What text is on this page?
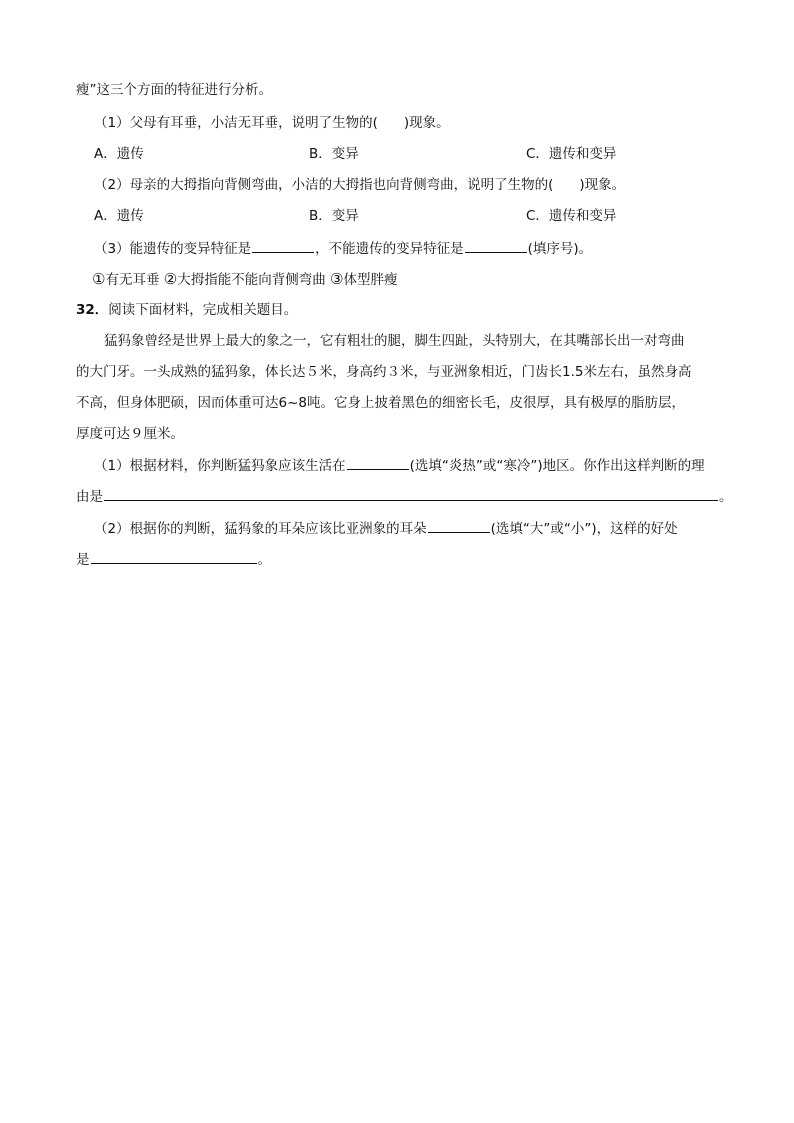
瘦”这三个方面的特征进行分析。
（1）父母有耳垂，小洁无耳垂，说明了生物的( )现象。
A．遗传	B．变异	C．遗传和变异
（2）母亲的大拇指向背侧弯曲，小洁的大拇指也向背侧弯曲，说明了生物的( )现象。
A．遗传	B．变异	C．遗传和变异
（3）能遗传的变异特征是	，不能遗传的变异特征是	(填序号)。
①有无耳垂 ②大拇指能不能向背侧弯曲 ③体型胖瘦
32．阅读下面材料，完成相关题目。
猛犸象曾经是世界上最大的象之一，它有粗壮的腿，脚生四趾，头特别大，在其嘴部长出一对弯曲
的大门牙。一头成熟的猛犸象，体长达５米，身高约３米，与亚洲象相近，门齿长1.5米左右，虽然身高
不高，但身体肥硕，因而体重可达6~8吨。它身上披着黑色的细密长毛，皮很厚，具有极厚的脂肪层，
厚度可达９厘米。
（1）根据材料，你判断猛犸象应该生活在	(选填“炎热”或“寒冷”)地区。你作出这样判断的理
由是	。
（2）根据你的判断，猛犸象的耳朵应该比亚洲象的耳朵	(选填“大”或“小”)，这样的好处
是	。
